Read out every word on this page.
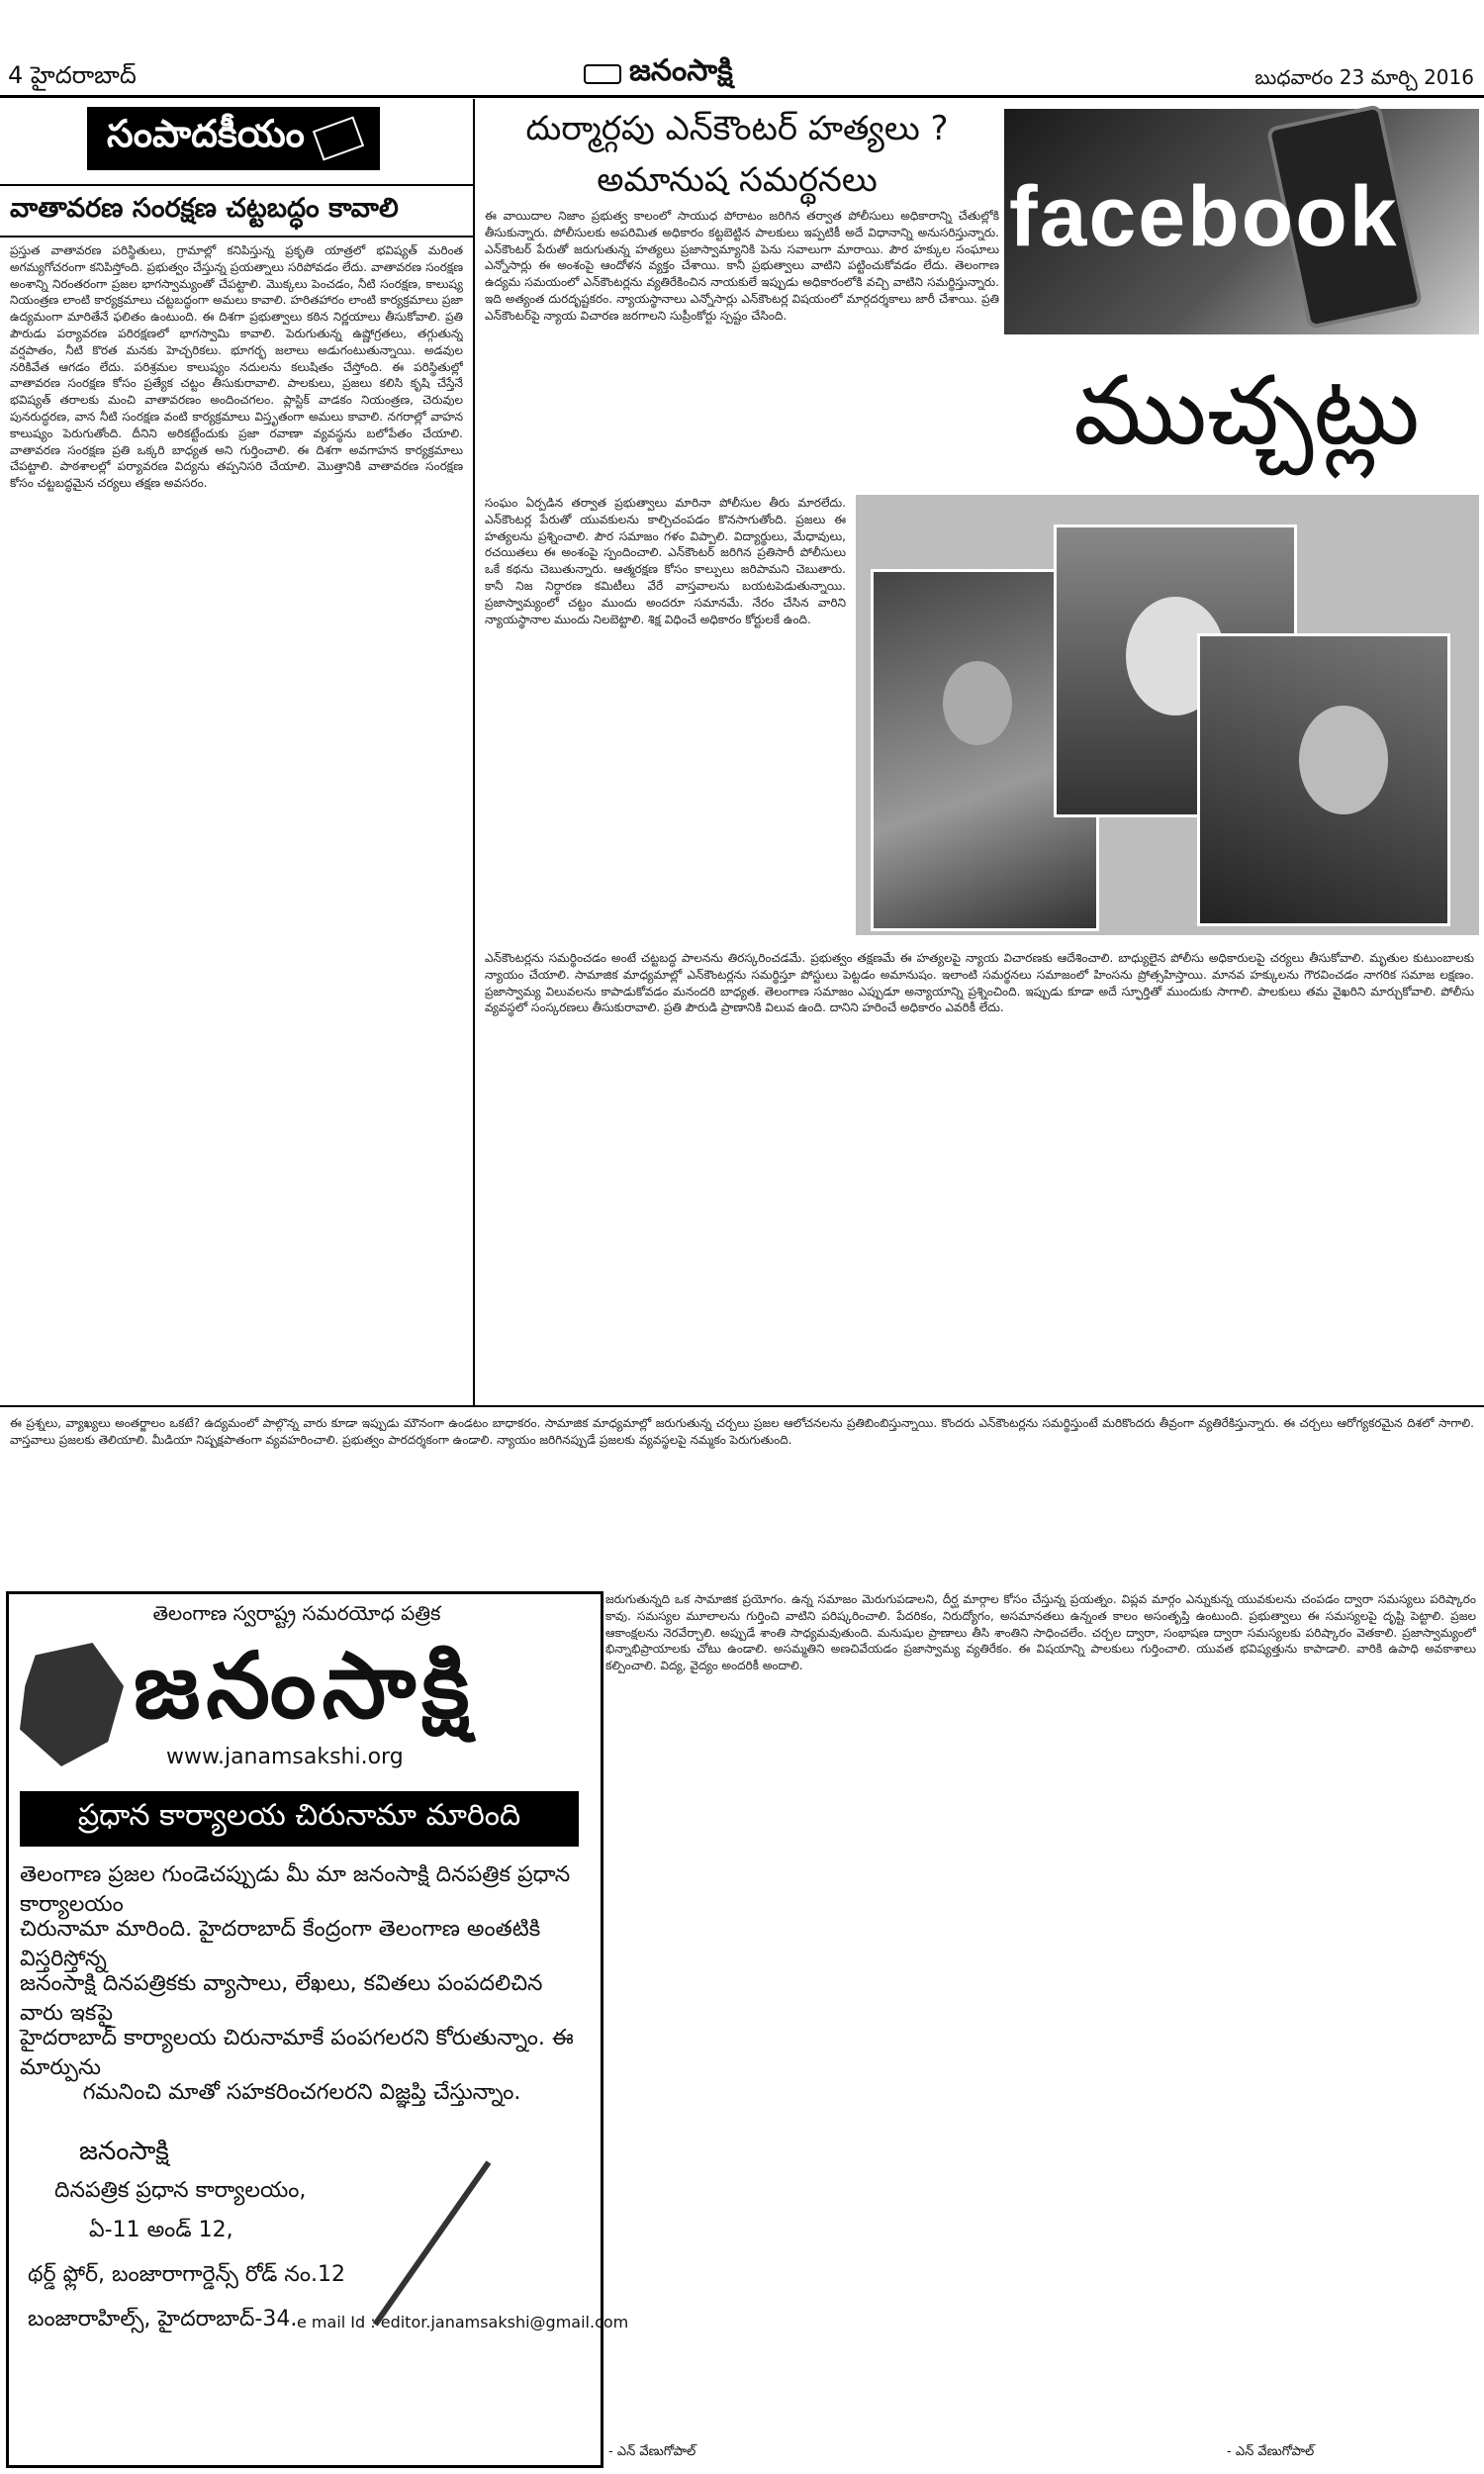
4 హైదరాబాద్	జనంసాక్షి	బుధవారం 23 మార్చి 2016
సంపాదకీయం
వాతావరణ సంరక్షణ చట్టబద్ధం కావాలి

ప్రస్తుత వాతావరణ పరిస్థితులు, గ్రామాల్లో కనిపిస్తున్న ప్రకృతి యాత్రలో భవిష్యత్ మరింత అగమ్యగోచరంగా కనిపిస్తోంది. ప్రభుత్వం చేస్తున్న ప్రయత్నాలు సరిపోవడం లేదు. వాతావరణ సంరక్షణ అంశాన్ని నిరంతరంగా ప్రజల భాగస్వామ్యంతో చేపట్టాలి. మొక్కలు పెంచడం, నీటి సంరక్షణ, కాలుష్య నియంత్రణ లాంటి కార్యక్రమాలు చట్టబద్ధంగా అమలు కావాలి. హరితహారం లాంటి కార్యక్రమాలు ప్రజా ఉద్యమంగా మారితేనే ఫలితం ఉంటుంది. ఈ దిశగా ప్రభుత్వాలు కఠిన నిర్ణయాలు తీసుకోవాలి. ప్రతి పౌరుడు పర్యావరణ పరిరక్షణలో భాగస్వామి కావాలి. పెరుగుతున్న ఉష్ణోగ్రతలు, తగ్గుతున్న వర్షపాతం, నీటి కొరత మనకు హెచ్చరికలు. భూగర్భ జలాలు అడుగంటుతున్నాయి. అడవుల నరికివేత ఆగడం లేదు. పరిశ్రమల కాలుష్యం నదులను కలుషితం చేస్తోంది. ఈ పరిస్థితుల్లో వాతావరణ సంరక్షణ కోసం ప్రత్యేక చట్టం తీసుకురావాలి. పాలకులు, ప్రజలు కలిసి కృషి చేస్తేనే భవిష్యత్ తరాలకు మంచి వాతావరణం అందించగలం. ప్లాస్టిక్ వాడకం నియంత్రణ, చెరువుల పునరుద్ధరణ, వాన నీటి సంరక్షణ వంటి కార్యక్రమాలు విస్తృతంగా అమలు కావాలి. నగరాల్లో వాహన కాలుష్యం పెరుగుతోంది. దీనిని అరికట్టేందుకు ప్రజా రవాణా వ్యవస్థను బలోపేతం చేయాలి. వాతావరణ సంరక్షణ ప్రతి ఒక్కరి బాధ్యత అని గుర్తించాలి. ఈ దిశగా అవగాహన కార్యక్రమాలు చేపట్టాలి. పాఠశాలల్లో పర్యావరణ విద్యను తప్పనిసరి చేయాలి. మొత్తానికి వాతావరణ సంరక్షణ కోసం చట్టబద్ధమైన చర్యలు తక్షణ అవసరం.

దుర్మార్గపు ఎన్‌కౌంటర్ హత్యలు ?
అమానుష సమర్థనలు	facebook
ముచ్చట్లు

ఈ వాయిదాల నిజాం ప్రభుత్వ కాలంలో సాయుధ పోరాటం జరిగిన తర్వాత పోలీసులు అధికారాన్ని చేతుల్లోకి తీసుకున్నారు. పోలీసులకు అపరిమిత అధికారం కట్టబెట్టిన పాలకులు ఇప్పటికీ అదే విధానాన్ని అనుసరిస్తున్నారు. ఎన్‌కౌంటర్ పేరుతో జరుగుతున్న హత్యలు ప్రజాస్వామ్యానికి పెను సవాలుగా మారాయి. పౌర హక్కుల సంఘాలు ఎన్నోసార్లు ఈ అంశంపై ఆందోళన వ్యక్తం చేశాయి. కానీ ప్రభుత్వాలు వాటిని పట్టించుకోవడం లేదు. తెలంగాణ ఉద్యమ సమయంలో ఎన్‌కౌంటర్లను వ్యతిరేకించిన నాయకులే ఇప్పుడు అధికారంలోకి వచ్చి వాటిని సమర్థిస్తున్నారు. ఇది అత్యంత దురదృష్టకరం. న్యాయస్థానాలు ఎన్నోసార్లు ఎన్‌కౌంటర్ల విషయంలో మార్గదర్శకాలు జారీ చేశాయి. ప్రతి ఎన్‌కౌంటర్‌పై న్యాయ విచారణ జరగాలని సుప్రీంకోర్టు స్పష్టం చేసింది.

సంఘం ఏర్పడిన తర్వాత ప్రభుత్వాలు మారినా పోలీసుల తీరు మారలేదు. ఎన్‌కౌంటర్ల పేరుతో యువకులను కాల్చిచంపడం కొనసాగుతోంది. ప్రజలు ఈ హత్యలను ప్రశ్నించాలి. పౌర సమాజం గళం విప్పాలి. విద్యార్థులు, మేధావులు, రచయితలు ఈ అంశంపై స్పందించాలి. ఎన్‌కౌంటర్ జరిగిన ప్రతిసారీ పోలీసులు ఒకే కథను చెబుతున్నారు. ఆత్మరక్షణ కోసం కాల్పులు జరిపామని చెబుతారు. కానీ నిజ నిర్ధారణ కమిటీలు వేరే వాస్తవాలను బయటపెడుతున్నాయి. ప్రజాస్వామ్యంలో చట్టం ముందు అందరూ సమానమే. నేరం చేసిన వారిని న్యాయస్థానాల ముందు నిలబెట్టాలి. శిక్ష విధించే అధికారం కోర్టులకే ఉంది.

ఎన్‌కౌంటర్లను సమర్థించడం అంటే చట్టబద్ధ పాలనను తిరస్కరించడమే. ప్రభుత్వం తక్షణమే ఈ హత్యలపై న్యాయ విచారణకు ఆదేశించాలి. బాధ్యులైన పోలీసు అధికారులపై చర్యలు తీసుకోవాలి. మృతుల కుటుంబాలకు న్యాయం చేయాలి. సామాజిక మాధ్యమాల్లో ఎన్‌కౌంటర్లను సమర్థిస్తూ పోస్టులు పెట్టడం అమానుషం. ఇలాంటి సమర్థనలు సమాజంలో హింసను ప్రోత్సహిస్తాయి. మానవ హక్కులను గౌరవించడం నాగరిక సమాజ లక్షణం. ప్రజాస్వామ్య విలువలను కాపాడుకోవడం మనందరి బాధ్యత. తెలంగాణ సమాజం ఎప్పుడూ అన్యాయాన్ని ప్రశ్నించింది. ఇప్పుడు కూడా అదే స్ఫూర్తితో ముందుకు సాగాలి. పాలకులు తమ వైఖరిని మార్చుకోవాలి. పోలీసు వ్యవస్థలో సంస్కరణలు తీసుకురావాలి. ప్రతి పౌరుడి ప్రాణానికి విలువ ఉంది. దానిని హరించే అధికారం ఎవరికీ లేదు.

ఈ ప్రశ్నలు, వ్యాఖ్యలు అంతర్జాలం ఒకటే? ఉద్యమంలో పాల్గొన్న వారు కూడా ఇప్పుడు మౌనంగా ఉండటం బాధాకరం. సామాజిక మాధ్యమాల్లో జరుగుతున్న చర్చలు ప్రజల ఆలోచనలను ప్రతిబింబిస్తున్నాయి. కొందరు ఎన్‌కౌంటర్లను సమర్థిస్తుంటే మరికొందరు తీవ్రంగా వ్యతిరేకిస్తున్నారు. ఈ చర్చలు ఆరోగ్యకరమైన దిశలో సాగాలి. వాస్తవాలు ప్రజలకు తెలియాలి. మీడియా నిష్పక్షపాతంగా వ్యవహరించాలి. ప్రభుత్వం పారదర్శకంగా ఉండాలి. న్యాయం జరిగినప్పుడే ప్రజలకు వ్యవస్థలపై నమ్మకం పెరుగుతుంది.

జరుగుతున్నది ఒక సామాజిక ప్రయోగం. ఉన్న సమాజం మెరుగుపడాలని, దీర్ఘ మార్గాల కోసం చేస్తున్న ప్రయత్నం. విప్లవ మార్గం ఎన్నుకున్న యువకులను చంపడం ద్వారా సమస్యలు పరిష్కారం కావు. సమస్యల మూలాలను గుర్తించి వాటిని పరిష్కరించాలి. పేదరికం, నిరుద్యోగం, అసమానతలు ఉన్నంత కాలం అసంతృప్తి ఉంటుంది. ప్రభుత్వాలు ఈ సమస్యలపై దృష్టి పెట్టాలి. ప్రజల ఆకాంక్షలను నెరవేర్చాలి. అప్పుడే శాంతి సాధ్యమవుతుంది. మనుషుల ప్రాణాలు తీసి శాంతిని సాధించలేం. చర్చల ద్వారా, సంభాషణ ద్వారా సమస్యలకు పరిష్కారం వెతకాలి. ప్రజాస్వామ్యంలో భిన్నాభిప్రాయాలకు చోటు ఉండాలి. అసమ్మతిని అణచివేయడం ప్రజాస్వామ్య వ్యతిరేకం. ఈ విషయాన్ని పాలకులు గుర్తించాలి. యువత భవిష్యత్తును కాపాడాలి. వారికి ఉపాధి అవకాశాలు కల్పించాలి. విద్య, వైద్యం అందరికీ అందాలి.

- ఎన్ వేణుగోపాల్	- ఎన్ వేణుగోపాల్
తెలంగాణ స్వరాష్ట్ర సమరయోధ పత్రిక
జనంసాక్షి
www.janamsakshi.org
ప్రధాన కార్యాలయ చిరునామా మారింది
తెలంగాణ ప్రజల గుండెచప్పుడు మీ మా జనంసాక్షి దినపత్రిక ప్రధాన కార్యాలయం
చిరునామా మారింది. హైదరాబాద్ కేంద్రంగా తెలంగాణ అంతటికి విస్తరిస్తోన్న
జనంసాక్షి దినపత్రికకు వ్యాసాలు, లేఖలు, కవితలు పంపదలిచిన వారు ఇకపై
హైదరాబాద్ కార్యాలయ చిరునామాకే పంపగలరని కోరుతున్నాం. ఈ మార్పును
గమనించి మాతో సహకరించగలరని విజ్ఞప్తి చేస్తున్నాం.
జనంసాక్షి
దినపత్రిక ప్రధాన కార్యాలయం,
ఏ-11 అండ్ 12,
థర్డ్ ఫ్లోర్, బంజారాగార్డెన్స్ రోడ్ నం.12
బంజారాహిల్స్, హైదరాబాద్-34. e mail Id : editor.janamsakshi@gmail.com
